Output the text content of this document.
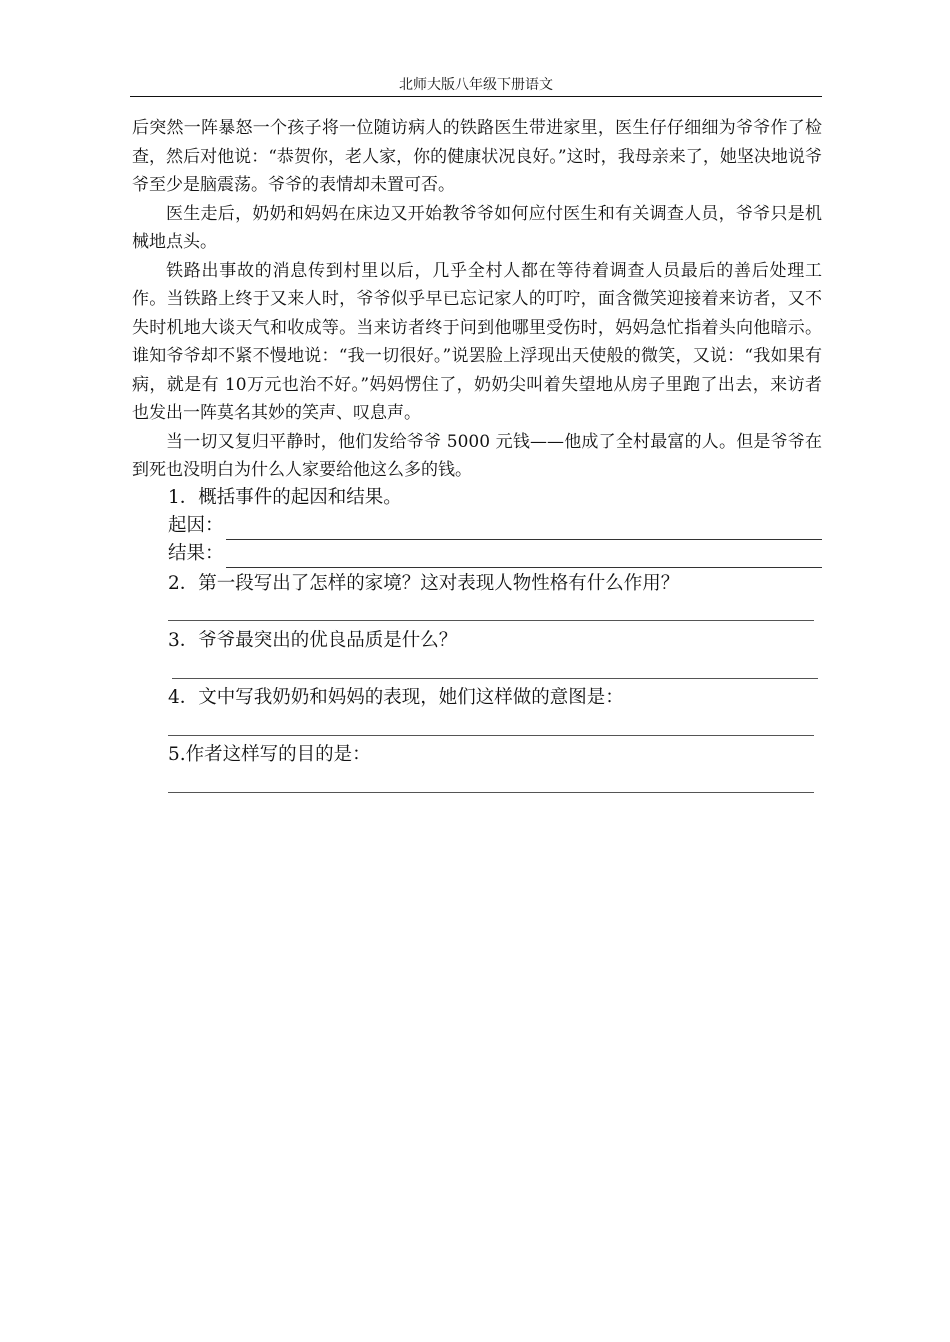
北师大版八年级下册语文

后突然一阵暴怒一个孩子将一位随访病人的铁路医生带进家里，医生仔仔细细为爷爷作了检查，然后对他说：“恭贺你，老人家，你的健康状况良好。”这时，我母亲来了，她坚决地说爷爷至少是脑震荡。爷爷的表情却未置可否。

医生走后，奶奶和妈妈在床边又开始教爷爷如何应付医生和有关调查人员，爷爷只是机械地点头。

铁路出事故的消息传到村里以后，几乎全村人都在等待着调查人员最后的善后处理工作。当铁路上终于又来人时，爷爷似乎早已忘记家人的叮咛，面含微笑迎接着来访者，又不失时机地大谈天气和收成等。当来访者终于问到他哪里受伤时，妈妈急忙指着头向他暗示。谁知爷爷却不紧不慢地说：“我一切很好。”说罢脸上浮现出天使般的微笑，又说：“我如果有病，就是有 10万元也治不好。”妈妈愣住了，奶奶尖叫着失望地从房子里跑了出去，来访者也发出一阵莫名其妙的笑声、叹息声。

当一切又复归平静时，他们发给爷爷 5000 元钱——他成了全村最富的人。但是爷爷在到死也没明白为什么人家要给他这么多的钱。

1．概括事件的起因和结果。

起因：
结果：
2．第一段写出了怎样的家境？这对表现人物性格有什么作用？
3．爷爷最突出的优良品质是什么？
4．文中写我奶奶和妈妈的表现，她们这样做的意图是：
5.作者这样写的目的是：
